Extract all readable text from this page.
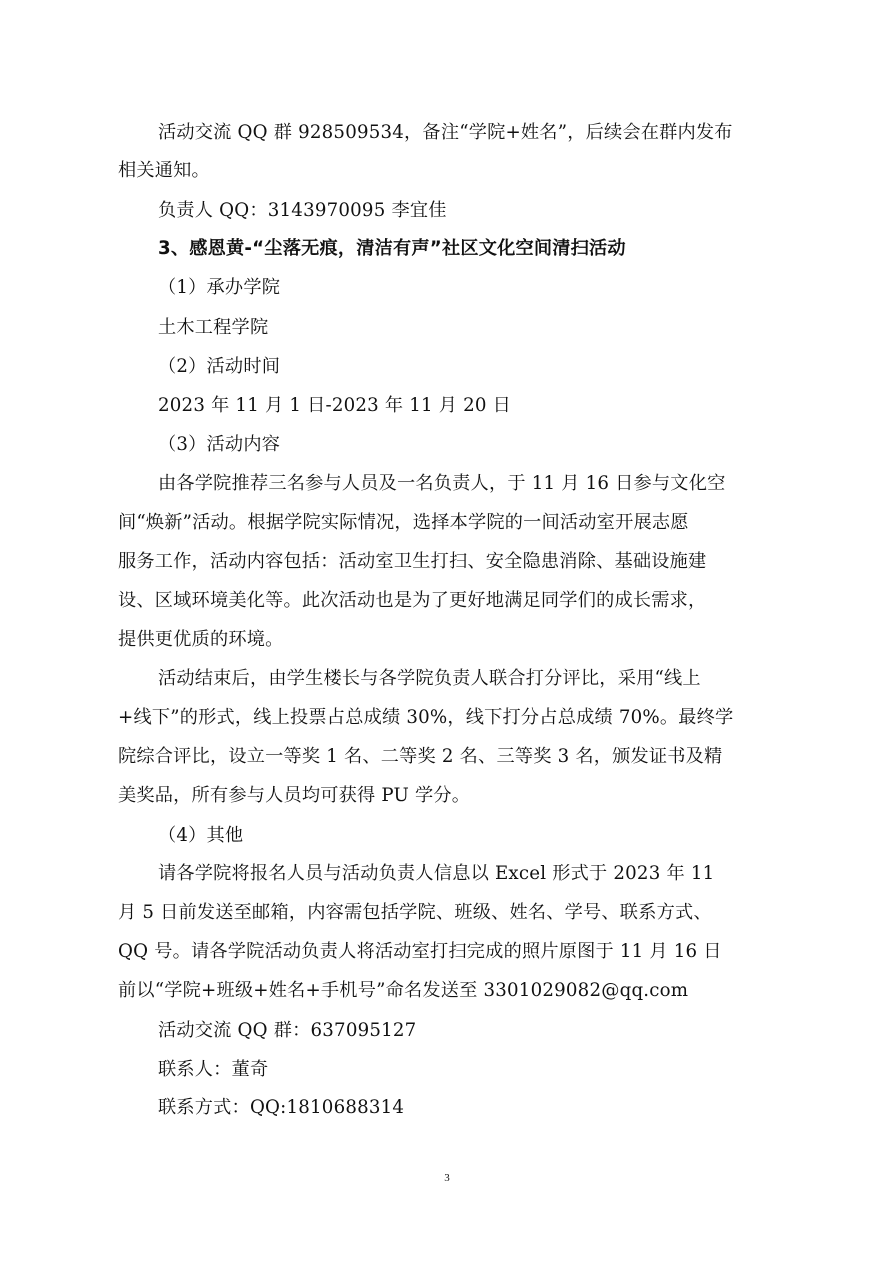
活动交流 QQ 群 928509534，备注“学院+姓名”，后续会在群内发布
相关通知。
负责人 QQ：3143970095 李宜佳
3、感恩黄-“尘落无痕，清洁有声”社区文化空间清扫活动
（1）承办学院
土木工程学院
（2）活动时间
2023 年 11 月 1 日-2023 年 11 月 20 日
（3）活动内容
由各学院推荐三名参与人员及一名负责人，于 11 月 16 日参与文化空
间“焕新”活动。根据学院实际情况，选择本学院的一间活动室开展志愿
服务工作，活动内容包括：活动室卫生打扫、安全隐患消除、基础设施建
设、区域环境美化等。此次活动也是为了更好地满足同学们的成长需求，
提供更优质的环境。
活动结束后，由学生楼长与各学院负责人联合打分评比，采用“线上
+线下”的形式，线上投票占总成绩 30%，线下打分占总成绩 70%。最终学
院综合评比，设立一等奖 1 名、二等奖 2 名、三等奖 3 名，颁发证书及精
美奖品，所有参与人员均可获得 PU 学分。
（4）其他
请各学院将报名人员与活动负责人信息以 Excel 形式于 2023 年 11
月 5 日前发送至邮箱，内容需包括学院、班级、姓名、学号、联系方式、
QQ 号。请各学院活动负责人将活动室打扫完成的照片原图于 11 月 16 日
前以“学院+班级+姓名+手机号”命名发送至 3301029082@qq.com
活动交流 QQ 群：637095127
联系人：董奇
联系方式：QQ:1810688314
3
